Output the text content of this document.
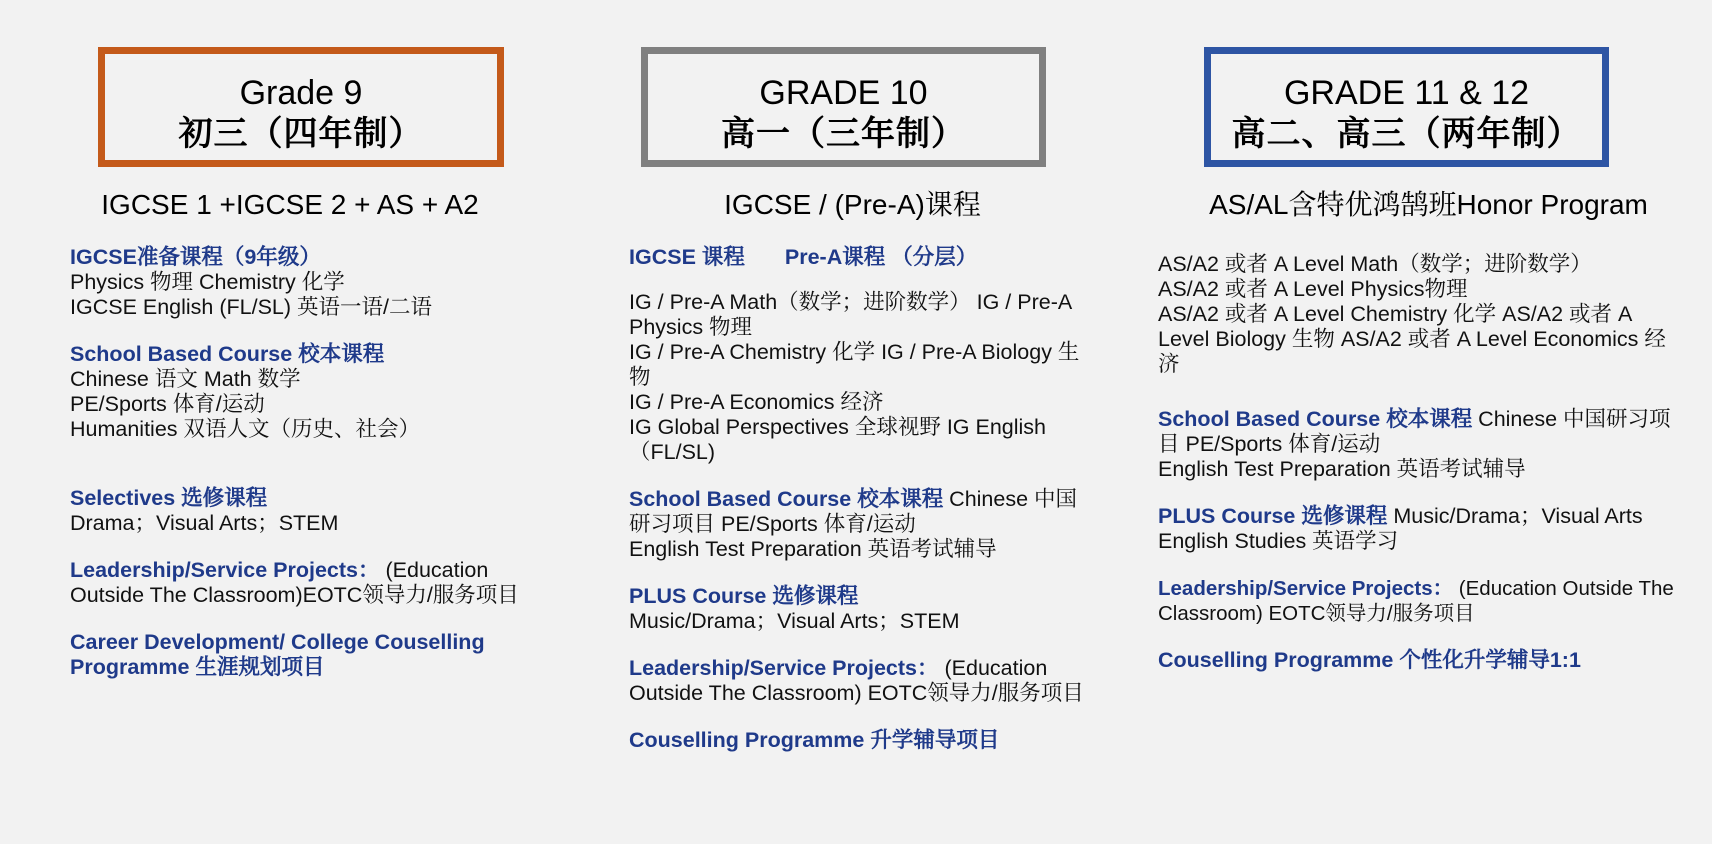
Grade 9
初三（四年制）
IGCSE 1 +IGCSE 2 + AS + A2
IGCSE准备课程（9年级）
Physics 物理 Chemistry 化学
IGCSE English (FL/SL) 英语一语/二语
School Based Course 校本课程
Chinese 语文 Math 数学
PE/Sports 体育/运动
Humanities 双语人文（历史、社会）
Selectives 选修课程
Drama；Visual Arts；STEM
Leadership/Service Projects： (Education Outside The Classroom)EOTC领导力/服务项目
Career Development/ College Couselling Programme 生涯规划项目
GRADE 10
高一（三年制）
IGCSE / (Pre-A)课程
IGCSE 课程 Pre-A课程 （分层）
IG / Pre-A Math（数学；进阶数学） IG / Pre-A Physics 物理
IG / Pre-A Chemistry 化学 IG / Pre-A Biology 生物
IG / Pre-A Economics 经济
IG Global Perspectives 全球视野 IG English（FL/SL)
School Based Course 校本课程 Chinese 中国研习项目 PE/Sports 体育/运动
English Test Preparation 英语考试辅导
PLUS Course 选修课程
Music/Drama；Visual Arts；STEM
Leadership/Service Projects： (Education Outside The Classroom) EOTC领导力/服务项目
Couselling Programme 升学辅导项目
GRADE 11 & 12
高二、高三（两年制）
AS/AL含特优鸿鹄班Honor Program
AS/A2 或者 A Level Math（数学；进阶数学）
AS/A2 或者 A Level Physics物理
AS/A2 或者 A Level Chemistry 化学 AS/A2 或者 A Level Biology 生物 AS/A2 或者 A Level Economics 经济
School Based Course 校本课程 Chinese 中国研习项目 PE/Sports 体育/运动
English Test Preparation 英语考试辅导
PLUS Course 选修课程 Music/Drama；Visual Arts English Studies 英语学习
Leadership/Service Projects： (Education Outside The Classroom) EOTC领导力/服务项目
Couselling Programme 个性化升学辅导1:1
